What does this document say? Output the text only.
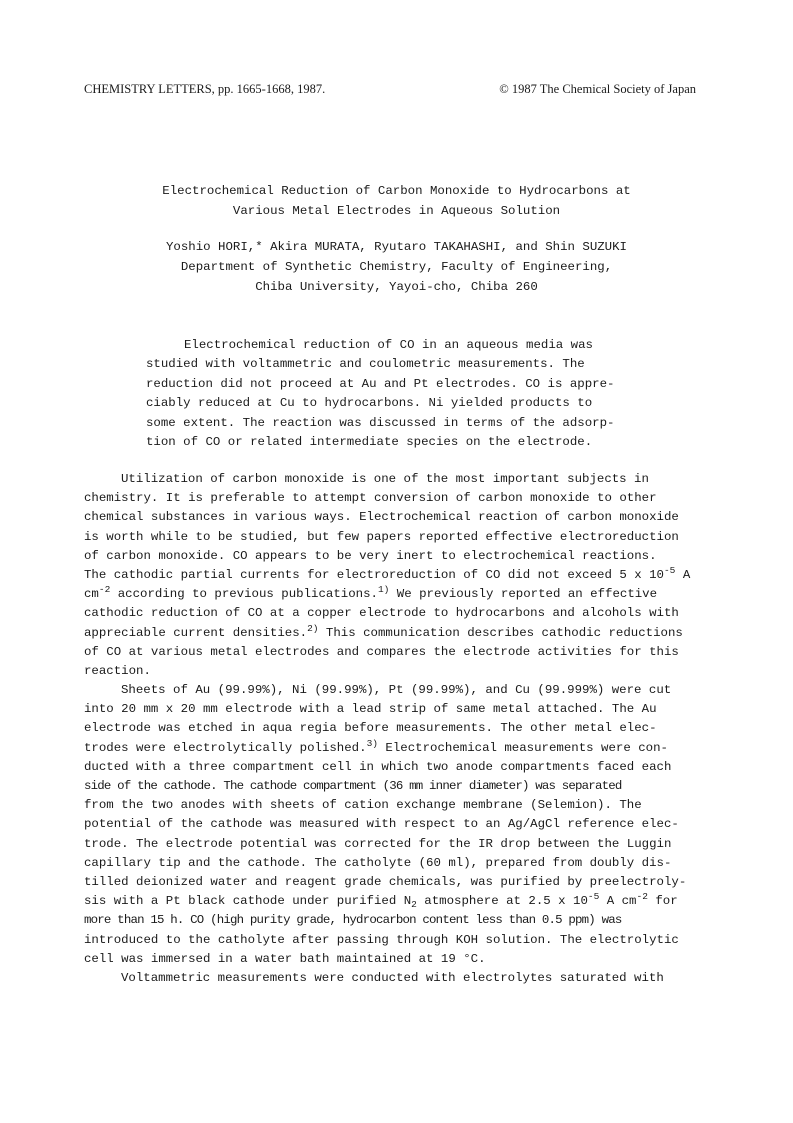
CHEMISTRY LETTERS, pp. 1665-1668, 1987.	© 1987 The Chemical Society of Japan
Electrochemical Reduction of Carbon Monoxide to Hydrocarbons at
Various Metal Electrodes in Aqueous Solution
Yoshio HORI,* Akira MURATA, Ryutaro TAKAHASHI, and Shin SUZUKI
Department of Synthetic Chemistry, Faculty of Engineering,
Chiba University, Yayoi-cho, Chiba 260
Electrochemical reduction of CO in an aqueous media was
studied with voltammetric and coulometric measurements. The
reduction did not proceed at Au and Pt electrodes. CO is appre-
ciably reduced at Cu to hydrocarbons. Ni yielded products to
some extent. The reaction was discussed in terms of the adsorp-
tion of CO or related intermediate species on the electrode.
Utilization of carbon monoxide is one of the most important subjects in
chemistry. It is preferable to attempt conversion of carbon monoxide to other
chemical substances in various ways. Electrochemical reaction of carbon monoxide
is worth while to be studied, but few papers reported effective electroreduction
of carbon monoxide. CO appears to be very inert to electrochemical reactions.
The cathodic partial currents for electroreduction of CO did not exceed 5 x $10^{-5}$ A
$cm^{-2}$ according to previous publications.$^{1)}$ We previously reported an effective
cathodic reduction of CO at a copper electrode to hydrocarbons and alcohols with
appreciable current densities.$^{2)}$ This communication describes cathodic reductions
of CO at various metal electrodes and compares the electrode activities for this
reaction.
Sheets of Au (99.99%), Ni (99.99%), Pt (99.99%), and Cu (99.999%) were cut
into 20 mm x 20 mm electrode with a lead strip of same metal attached. The Au
electrode was etched in aqua regia before measurements. The other metal elec-
trodes were electrolytically polished.$^{3)}$ Electrochemical measurements were con-
ducted with a three compartment cell in which two anode compartments faced each
side of the cathode. The cathode compartment (36 mm inner diameter) was separated
from the two anodes with sheets of cation exchange membrane (Selemion). The
potential of the cathode was measured with respect to an Ag/AgCl reference elec-
trode. The electrode potential was corrected for the IR drop between the Luggin
capillary tip and the cathode. The catholyte (60 ml), prepared from doubly dis-
tilled deionized water and reagent grade chemicals, was purified by preelectroly-
sis with a Pt black cathode under purified $N_2$ atmosphere at 2.5 x $10^{-5}$ A $cm^{-2}$ for
more than 15 h. CO (high purity grade, hydrocarbon content less than 0.5 ppm) was
introduced to the catholyte after passing through KOH solution. The electrolytic
cell was immersed in a water bath maintained at 19 °C.
Voltammetric measurements were conducted with electrolytes saturated with
